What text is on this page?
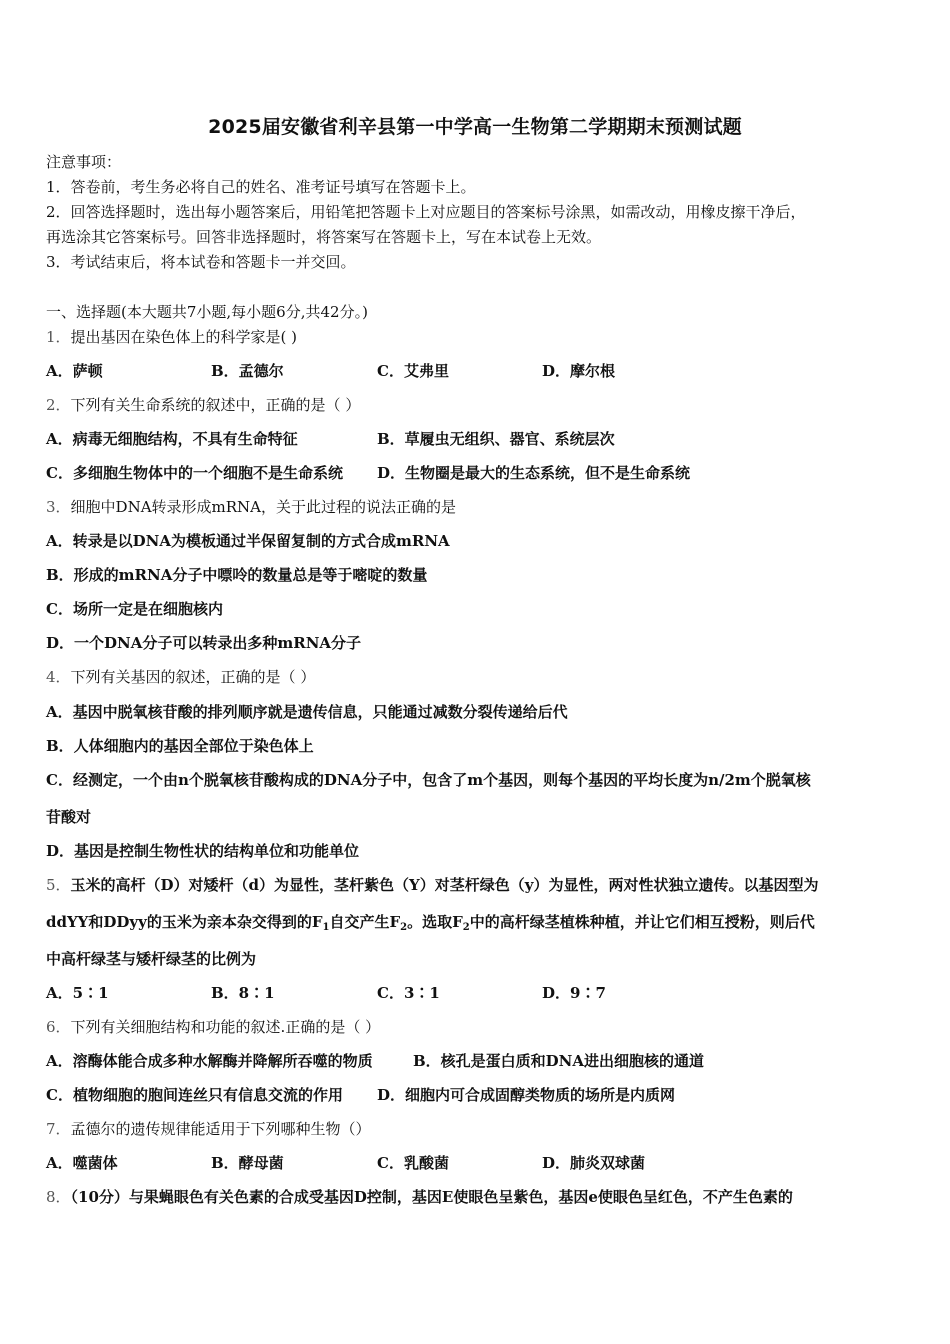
2025届安徽省利辛县第一中学高一生物第二学期期末预测试题
注意事项：
1．答卷前，考生务必将自己的姓名、准考证号填写在答题卡上。
2．回答选择题时，选出每小题答案后，用铅笔把答题卡上对应题目的答案标号涂黑，如需改动，用橡皮擦干净后，
再选涂其它答案标号。回答非选择题时，将答案写在答题卡上，写在本试卷上无效。
3．考试结束后，将本试卷和答题卡一并交回。
一、选择题(本大题共7小题,每小题6分,共42分。)
1．提出基因在染色体上的科学家是( )
A．萨顿	B．孟德尔	C．艾弗里	D．摩尔根
2．下列有关生命系统的叙述中，正确的是（ ）
A．病毒无细胞结构，不具有生命特征	B．草履虫无组织、器官、系统层次
C．多细胞生物体中的一个细胞不是生命系统 D．生物圈是最大的生态系统，但不是生命系统
3．细胞中DNA转录形成mRNA，关于此过程的说法正确的是
A．转录是以DNA为模板通过半保留复制的方式合成mRNA
B．形成的mRNA分子中嘌呤的数量总是等于嘧啶的数量
C．场所一定是在细胞核内
D．一个DNA分子可以转录出多种mRNA分子
4．下列有关基因的叙述，正确的是（ ）
A．基因中脱氧核苷酸的排列顺序就是遗传信息，只能通过减数分裂传递给后代
B．人体细胞内的基因全部位于染色体上
C．经测定，一个由n个脱氧核苷酸构成的DNA分子中，包含了m个基因，则每个基因的平均长度为n/2m个脱氧核
苷酸对
D．基因是控制生物性状的结构单位和功能单位
5．玉米的高杆（D）对矮杆（d）为显性，茎杆紫色（Y）对茎杆绿色（y）为显性，两对性状独立遗传。以基因型为
ddYY和DDyy的玉米为亲本杂交得到的$F_1$自交产生$F_2$。选取$F_2$中的高杆绿茎植株种植，并让它们相互授粉，则后代
中高杆绿茎与矮杆绿茎的比例为
A．5∶1	B．8∶1	C．3∶1	D．9∶7
6．下列有关细胞结构和功能的叙述.正确的是（ ）
A．溶酶体能合成多种水解酶并降解所吞噬的物质	B．核孔是蛋白质和DNA进出细胞核的通道
C．植物细胞的胞间连丝只有信息交流的作用 D．细胞内可合成固醇类物质的场所是内质网
7．孟德尔的遗传规律能适用于下列哪种生物（）
A．噬菌体	B．酵母菌	C．乳酸菌	D．肺炎双球菌
8．（10分）与果蝇眼色有关色素的合成受基因D控制，基因E使眼色呈紫色，基因e使眼色呈红色，不产生色素的
